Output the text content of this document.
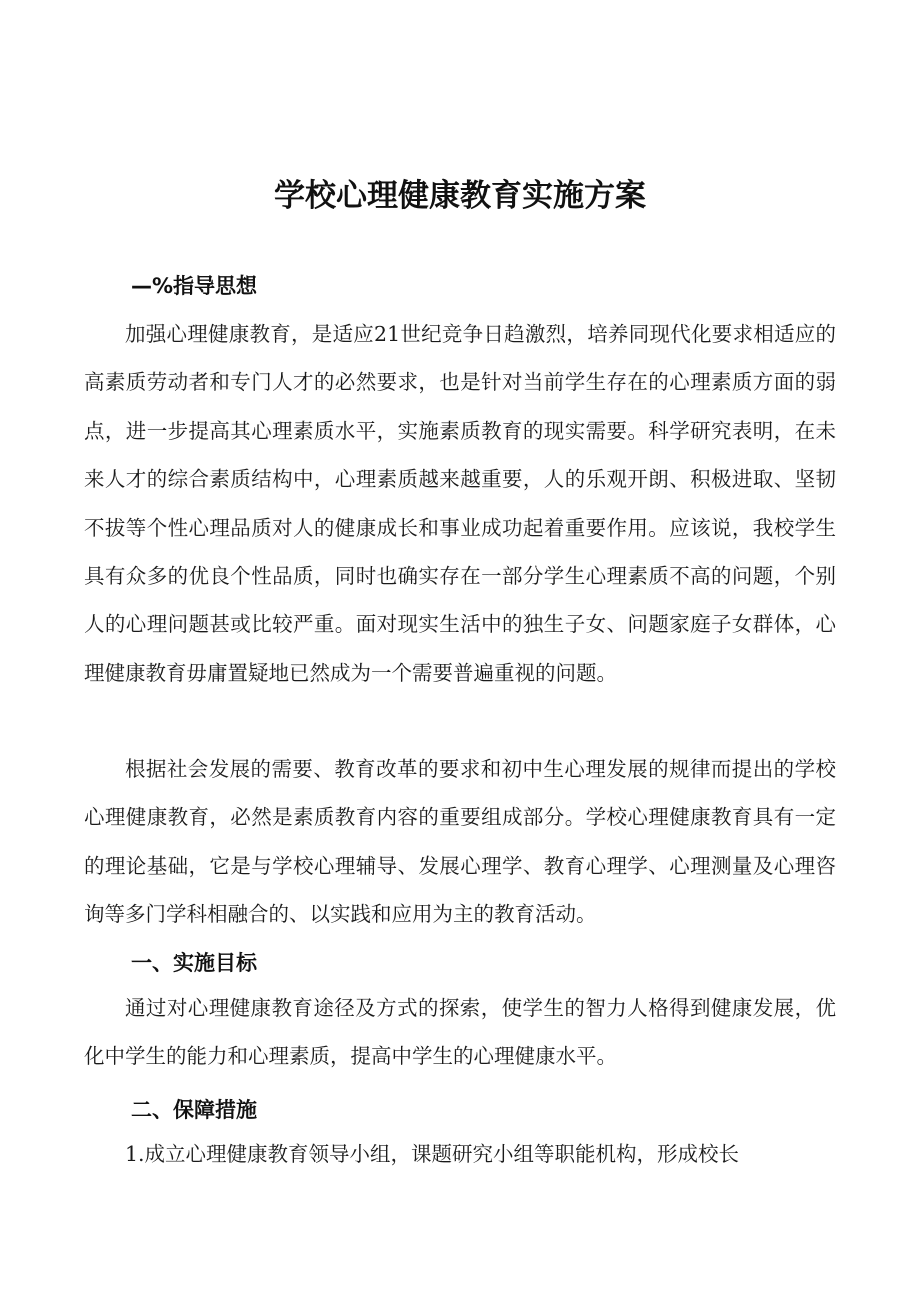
学校心理健康教育实施方案
—%指导思想

加强心理健康教育，是适应21世纪竞争日趋激烈，培养同现代化要求相适应的高素质劳动者和专门人才的必然要求，也是针对当前学生存在的心理素质方面的弱点，进一步提高其心理素质水平，实施素质教育的现实需要。科学研究表明，在未来人才的综合素质结构中，心理素质越来越重要，人的乐观开朗、积极进取、坚韧不拔等个性心理品质对人的健康成长和事业成功起着重要作用。应该说，我校学生具有众多的优良个性品质，同时也确实存在一部分学生心理素质不高的问题，个别人的心理问题甚或比较严重。面对现实生活中的独生子女、问题家庭子女群体，心理健康教育毋庸置疑地已然成为一个需要普遍重视的问题。

根据社会发展的需要、教育改革的要求和初中生心理发展的规律而提出的学校心理健康教育，必然是素质教育内容的重要组成部分。学校心理健康教育具有一定的理论基础，它是与学校心理辅导、发展心理学、教育心理学、心理测量及心理咨询等多门学科相融合的、以实践和应用为主的教育活动。

一、实施目标

通过对心理健康教育途径及方式的探索，使学生的智力人格得到健康发展，优化中学生的能力和心理素质，提高中学生的心理健康水平。

二、保障措施

1.成立心理健康教育领导小组，课题研究小组等职能机构，形成校长
